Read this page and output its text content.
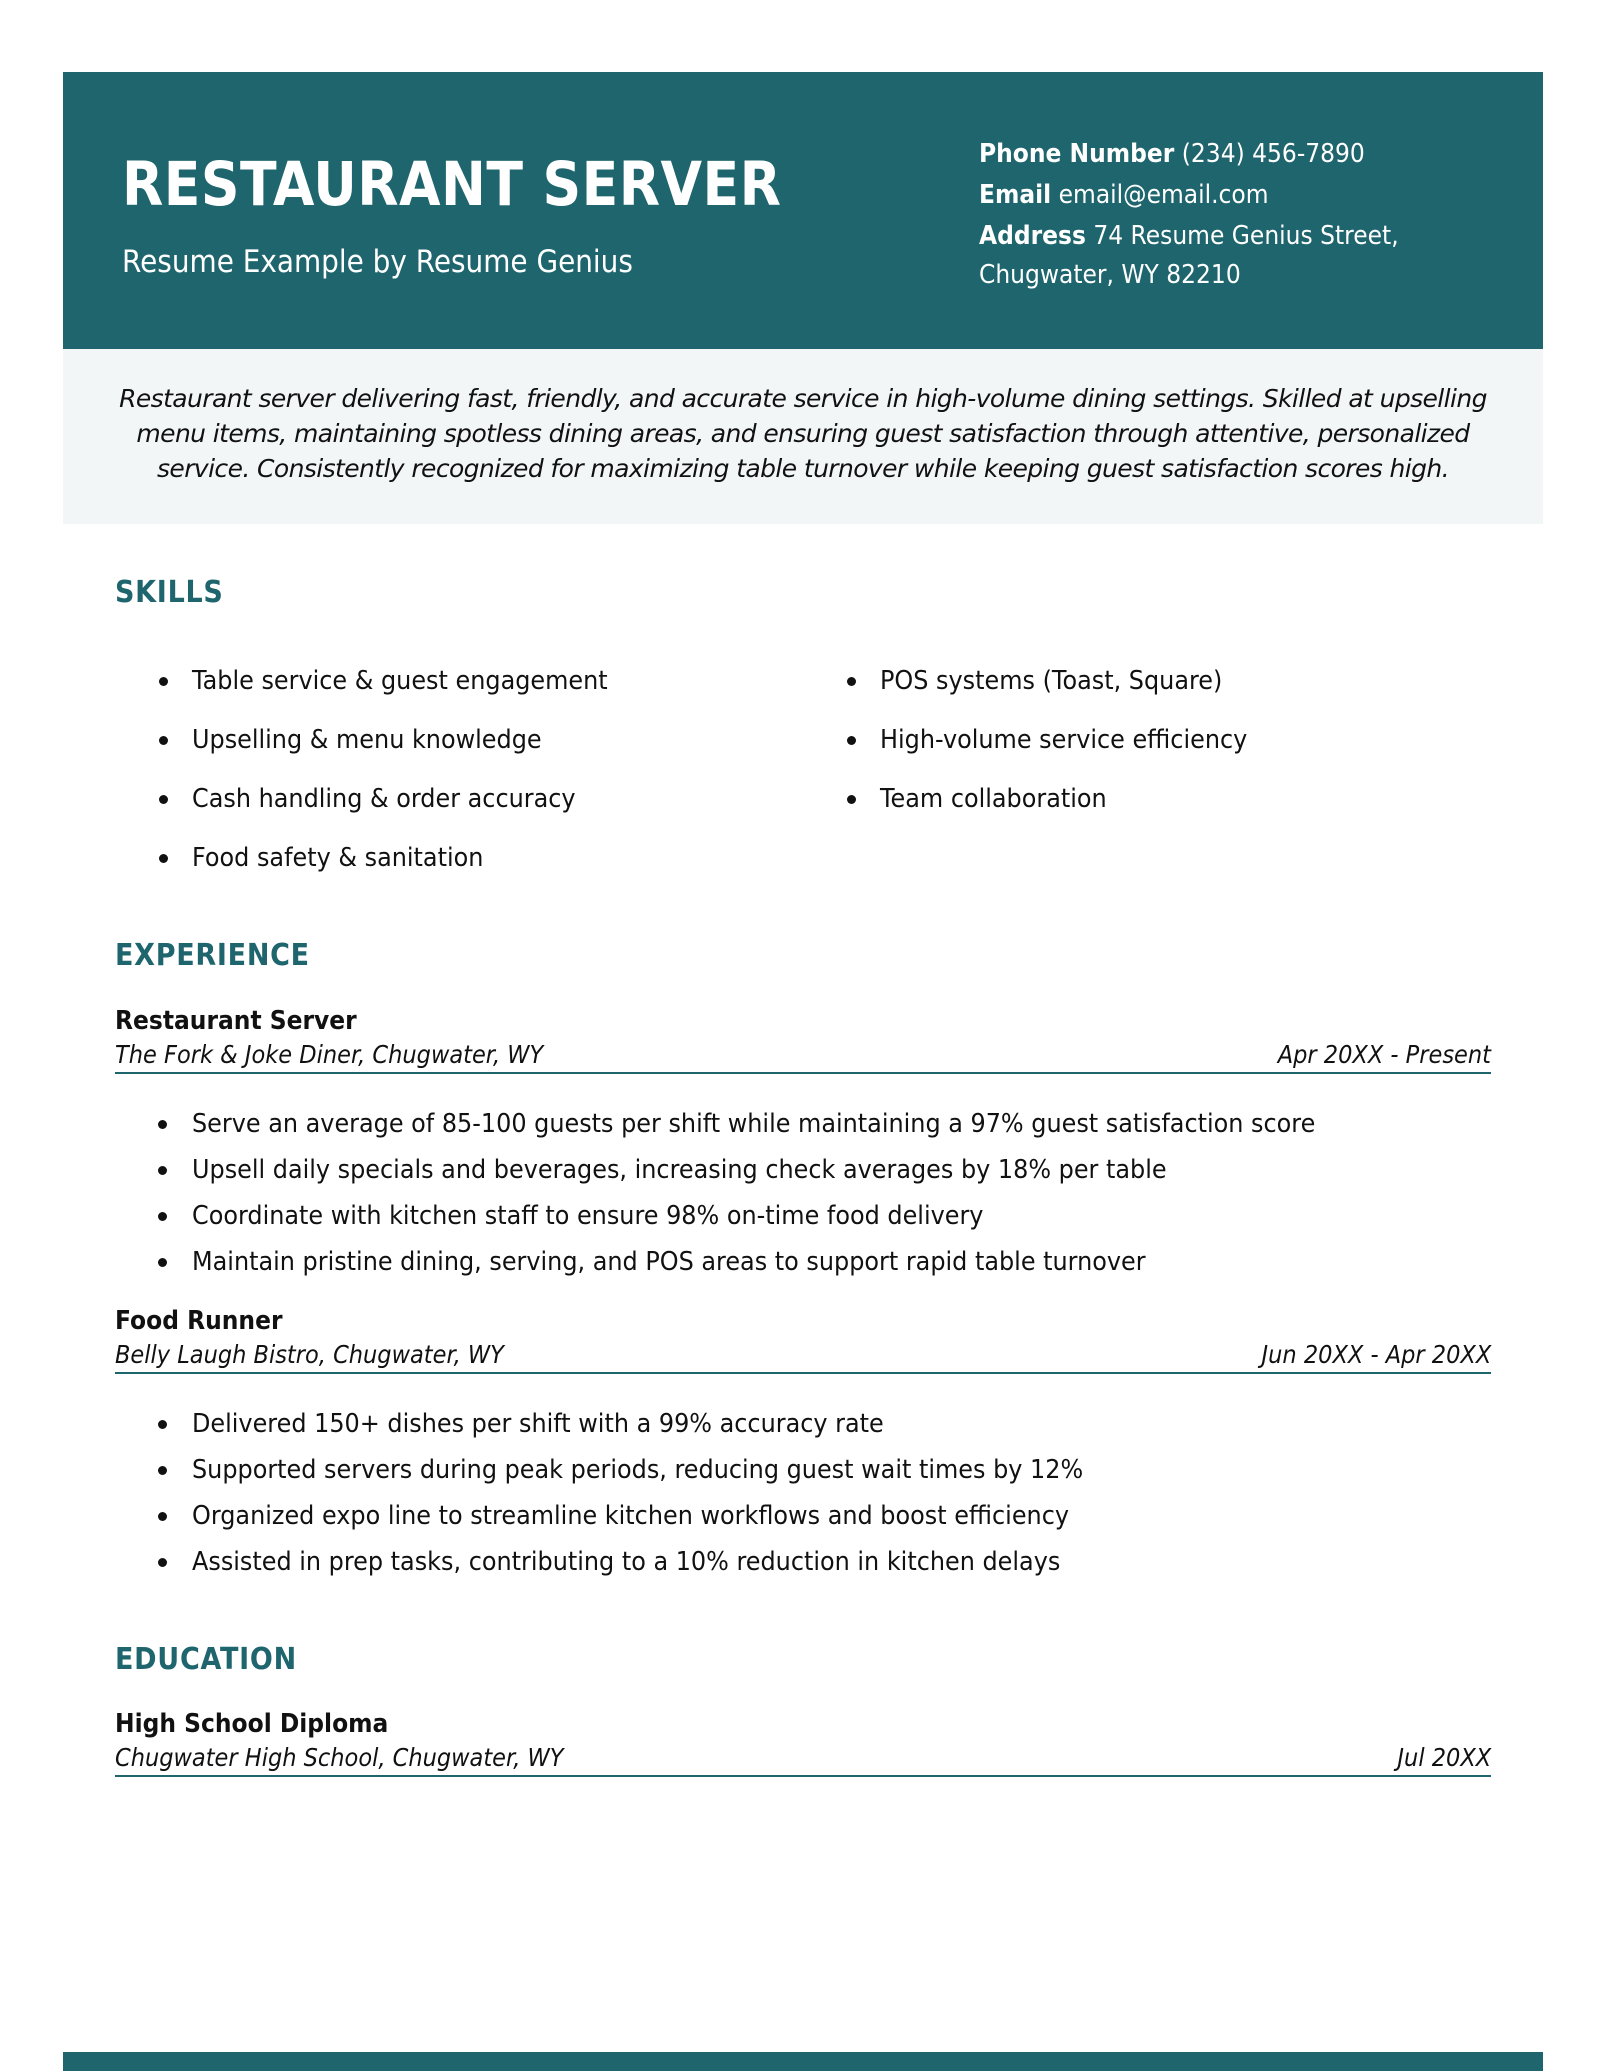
RESTAURANT SERVER
Resume Example by Resume Genius
Phone Number (234) 456-7890
Email email@email.com
Address 74 Resume Genius Street,
Chugwater, WY 82210

Restaurant server delivering fast, friendly, and accurate service in high-volume dining settings. Skilled at upselling menu items, maintaining spotless dining areas, and ensuring guest satisfaction through attentive, personalized service. Consistently recognized for maximizing table turnover while keeping guest satisfaction scores high.

SKILLS
Table service & guest engagement
Upselling & menu knowledge
Cash handling & order accuracy
Food safety & sanitation
POS systems (Toast, Square)
High-volume service efficiency
Team collaboration
EXPERIENCE
Restaurant Server
The Fork & Joke Diner, Chugwater, WY	Apr 20XX - Present
Serve an average of 85-100 guests per shift while maintaining a 97% guest satisfaction score
Upsell daily specials and beverages, increasing check averages by 18% per table
Coordinate with kitchen staff to ensure 98% on-time food delivery
Maintain pristine dining, serving, and POS areas to support rapid table turnover
Food Runner
Belly Laugh Bistro, Chugwater, WY	Jun 20XX - Apr 20XX
Delivered 150+ dishes per shift with a 99% accuracy rate
Supported servers during peak periods, reducing guest wait times by 12%
Organized expo line to streamline kitchen workflows and boost efficiency
Assisted in prep tasks, contributing to a 10% reduction in kitchen delays
EDUCATION
High School Diploma
Chugwater High School, Chugwater, WY	Jul 20XX
